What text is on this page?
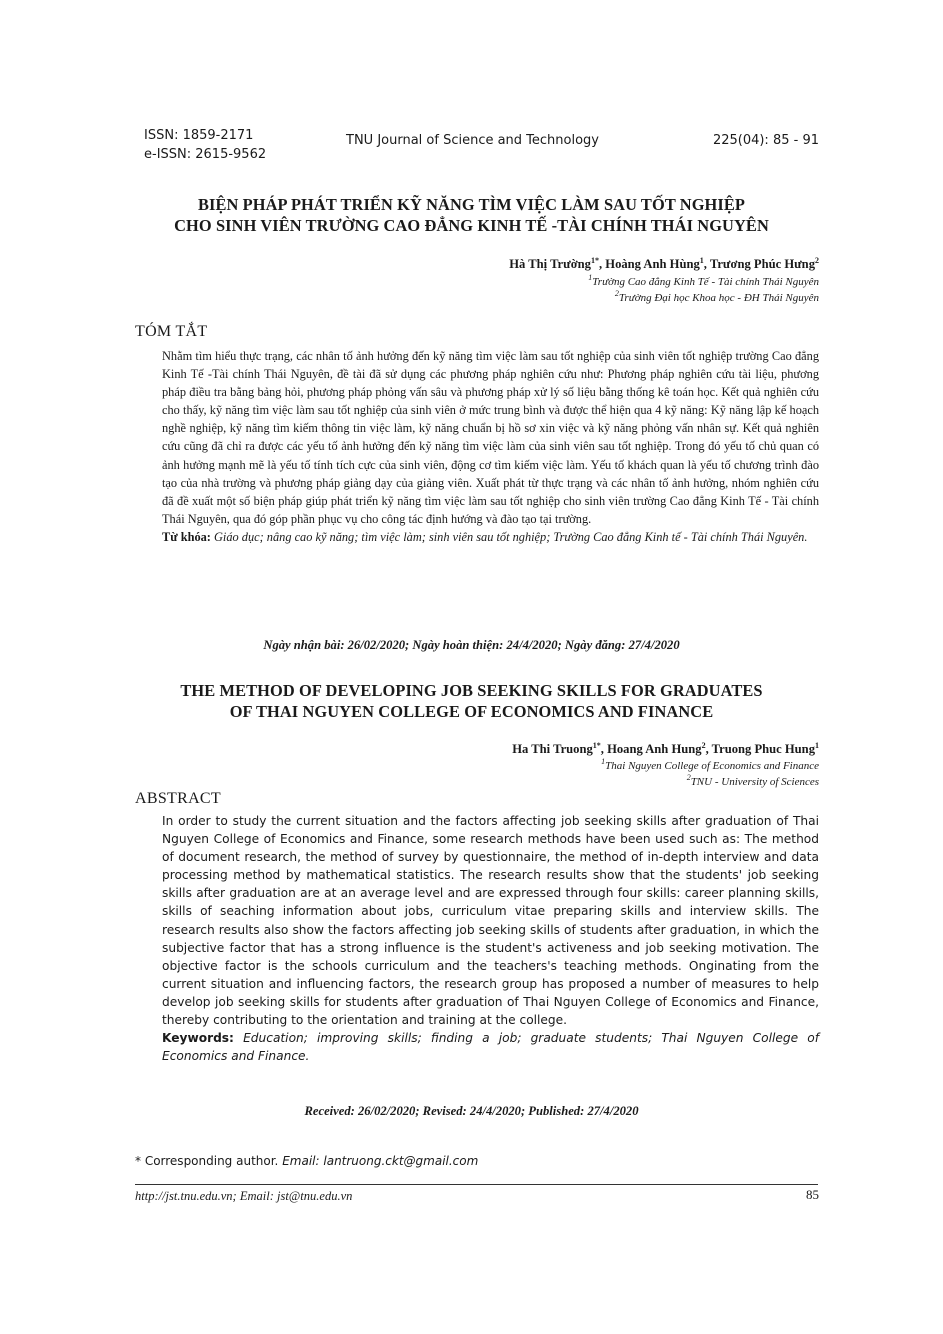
ISSN: 1859-2171
e-ISSN: 2615-9562
TNU Journal of Science and Technology	225(04): 85 - 91
BIỆN PHÁP PHÁT TRIỂN KỸ NĂNG TÌM VIỆC LÀM SAU TỐT NGHIỆP
CHO SINH VIÊN TRƯỜNG CAO ĐẲNG KINH TẾ -TÀI CHÍNH THÁI NGUYÊN
Hà Thị Trường$^{1*}$, Hoàng Anh Hùng$^1$, Trương Phúc Hưng$^2$
$^1$Trường Cao đẳng Kinh Tế - Tài chính Thái Nguyên
$^2$Trường Đại học Khoa học - ĐH Thái Nguyên
TÓM TẮT

Nhằm tìm hiểu thực trạng, các nhân tố ảnh hưởng đến kỹ năng tìm việc làm sau tốt nghiệp của sinh viên tốt nghiệp trường Cao đẳng Kinh Tế -Tài chính Thái Nguyên, đề tài đã sử dụng các phương pháp nghiên cứu như: Phương pháp nghiên cứu tài liệu, phương pháp điều tra bằng bảng hỏi, phương pháp phỏng vấn sâu và phương pháp xử lý số liệu bằng thống kê toán học. Kết quả nghiên cứu cho thấy, kỹ năng tìm việc làm sau tốt nghiệp của sinh viên ở mức trung bình và được thể hiện qua 4 kỹ năng: Kỹ năng lập kế hoạch nghề nghiệp, kỹ năng tìm kiếm thông tin việc làm, kỹ năng chuẩn bị hồ sơ xin việc và kỹ năng phỏng vấn nhân sự. Kết quả nghiên cứu cũng đã chỉ ra được các yếu tố ảnh hưởng đến kỹ năng tìm việc làm của sinh viên sau tốt nghiệp. Trong đó yếu tố chủ quan có ảnh hưởng mạnh mẽ là yếu tố tính tích cực của sinh viên, động cơ tìm kiếm việc làm. Yếu tố khách quan là yếu tố chương trình đào tạo của nhà trường và phương pháp giảng dạy của giảng viên. Xuất phát từ thực trạng và các nhân tố ảnh hưởng, nhóm nghiên cứu đã đề xuất một số biện pháp giúp phát triển kỹ năng tìm việc làm sau tốt nghiệp cho sinh viên trường Cao đẳng Kinh Tế - Tài chính Thái Nguyên, qua đó góp phần phục vụ cho công tác định hướng và đào tạo tại trường.

Từ khóa: Giáo dục; nâng cao kỹ năng; tìm việc làm; sinh viên sau tốt nghiệp; Trường Cao đẳng Kinh tế - Tài chính Thái Nguyên.

Ngày nhận bài: 26/02/2020; Ngày hoàn thiện: 24/4/2020; Ngày đăng: 27/4/2020
THE METHOD OF DEVELOPING JOB SEEKING SKILLS FOR GRADUATES
OF THAI NGUYEN COLLEGE OF ECONOMICS AND FINANCE
Ha Thi Truong$^{1*}$, Hoang Anh Hung$^2$, Truong Phuc Hung$^1$
$^1$Thai Nguyen College of Economics and Finance
$^2$TNU - University of Sciences
ABSTRACT

In order to study the current situation and the factors affecting job seeking skills after graduation of Thai Nguyen College of Economics and Finance, some research methods have been used such as: The method of document research, the method of survey by questionnaire, the method of in-depth interview and data processing method by mathematical statistics. The research results show that the students' job seeking skills after graduation are at an average level and are expressed through four skills: career planning skills, skills of seaching information about jobs, curriculum vitae preparing skills and interview skills. The research results also show the factors affecting job seeking skills of students after graduation, in which the subjective factor that has a strong influence is the student's activeness and job seeking motivation. The objective factor is the schools curriculum and the teachers's teaching methods. Onginating from the current situation and influencing factors, the research group has proposed a number of measures to help develop job seeking skills for students after graduation of Thai Nguyen College of Economics and Finance, thereby contributing to the orientation and training at the college.

Keywords: Education; improving skills; finding a job; graduate students; Thai Nguyen College of Economics and Finance.

Received: 26/02/2020; Revised: 24/4/2020; Published: 27/4/2020
* Corresponding author. Email: lantruong.ckt@gmail.com
http://jst.tnu.edu.vn; Email: jst@tnu.edu.vn	85
